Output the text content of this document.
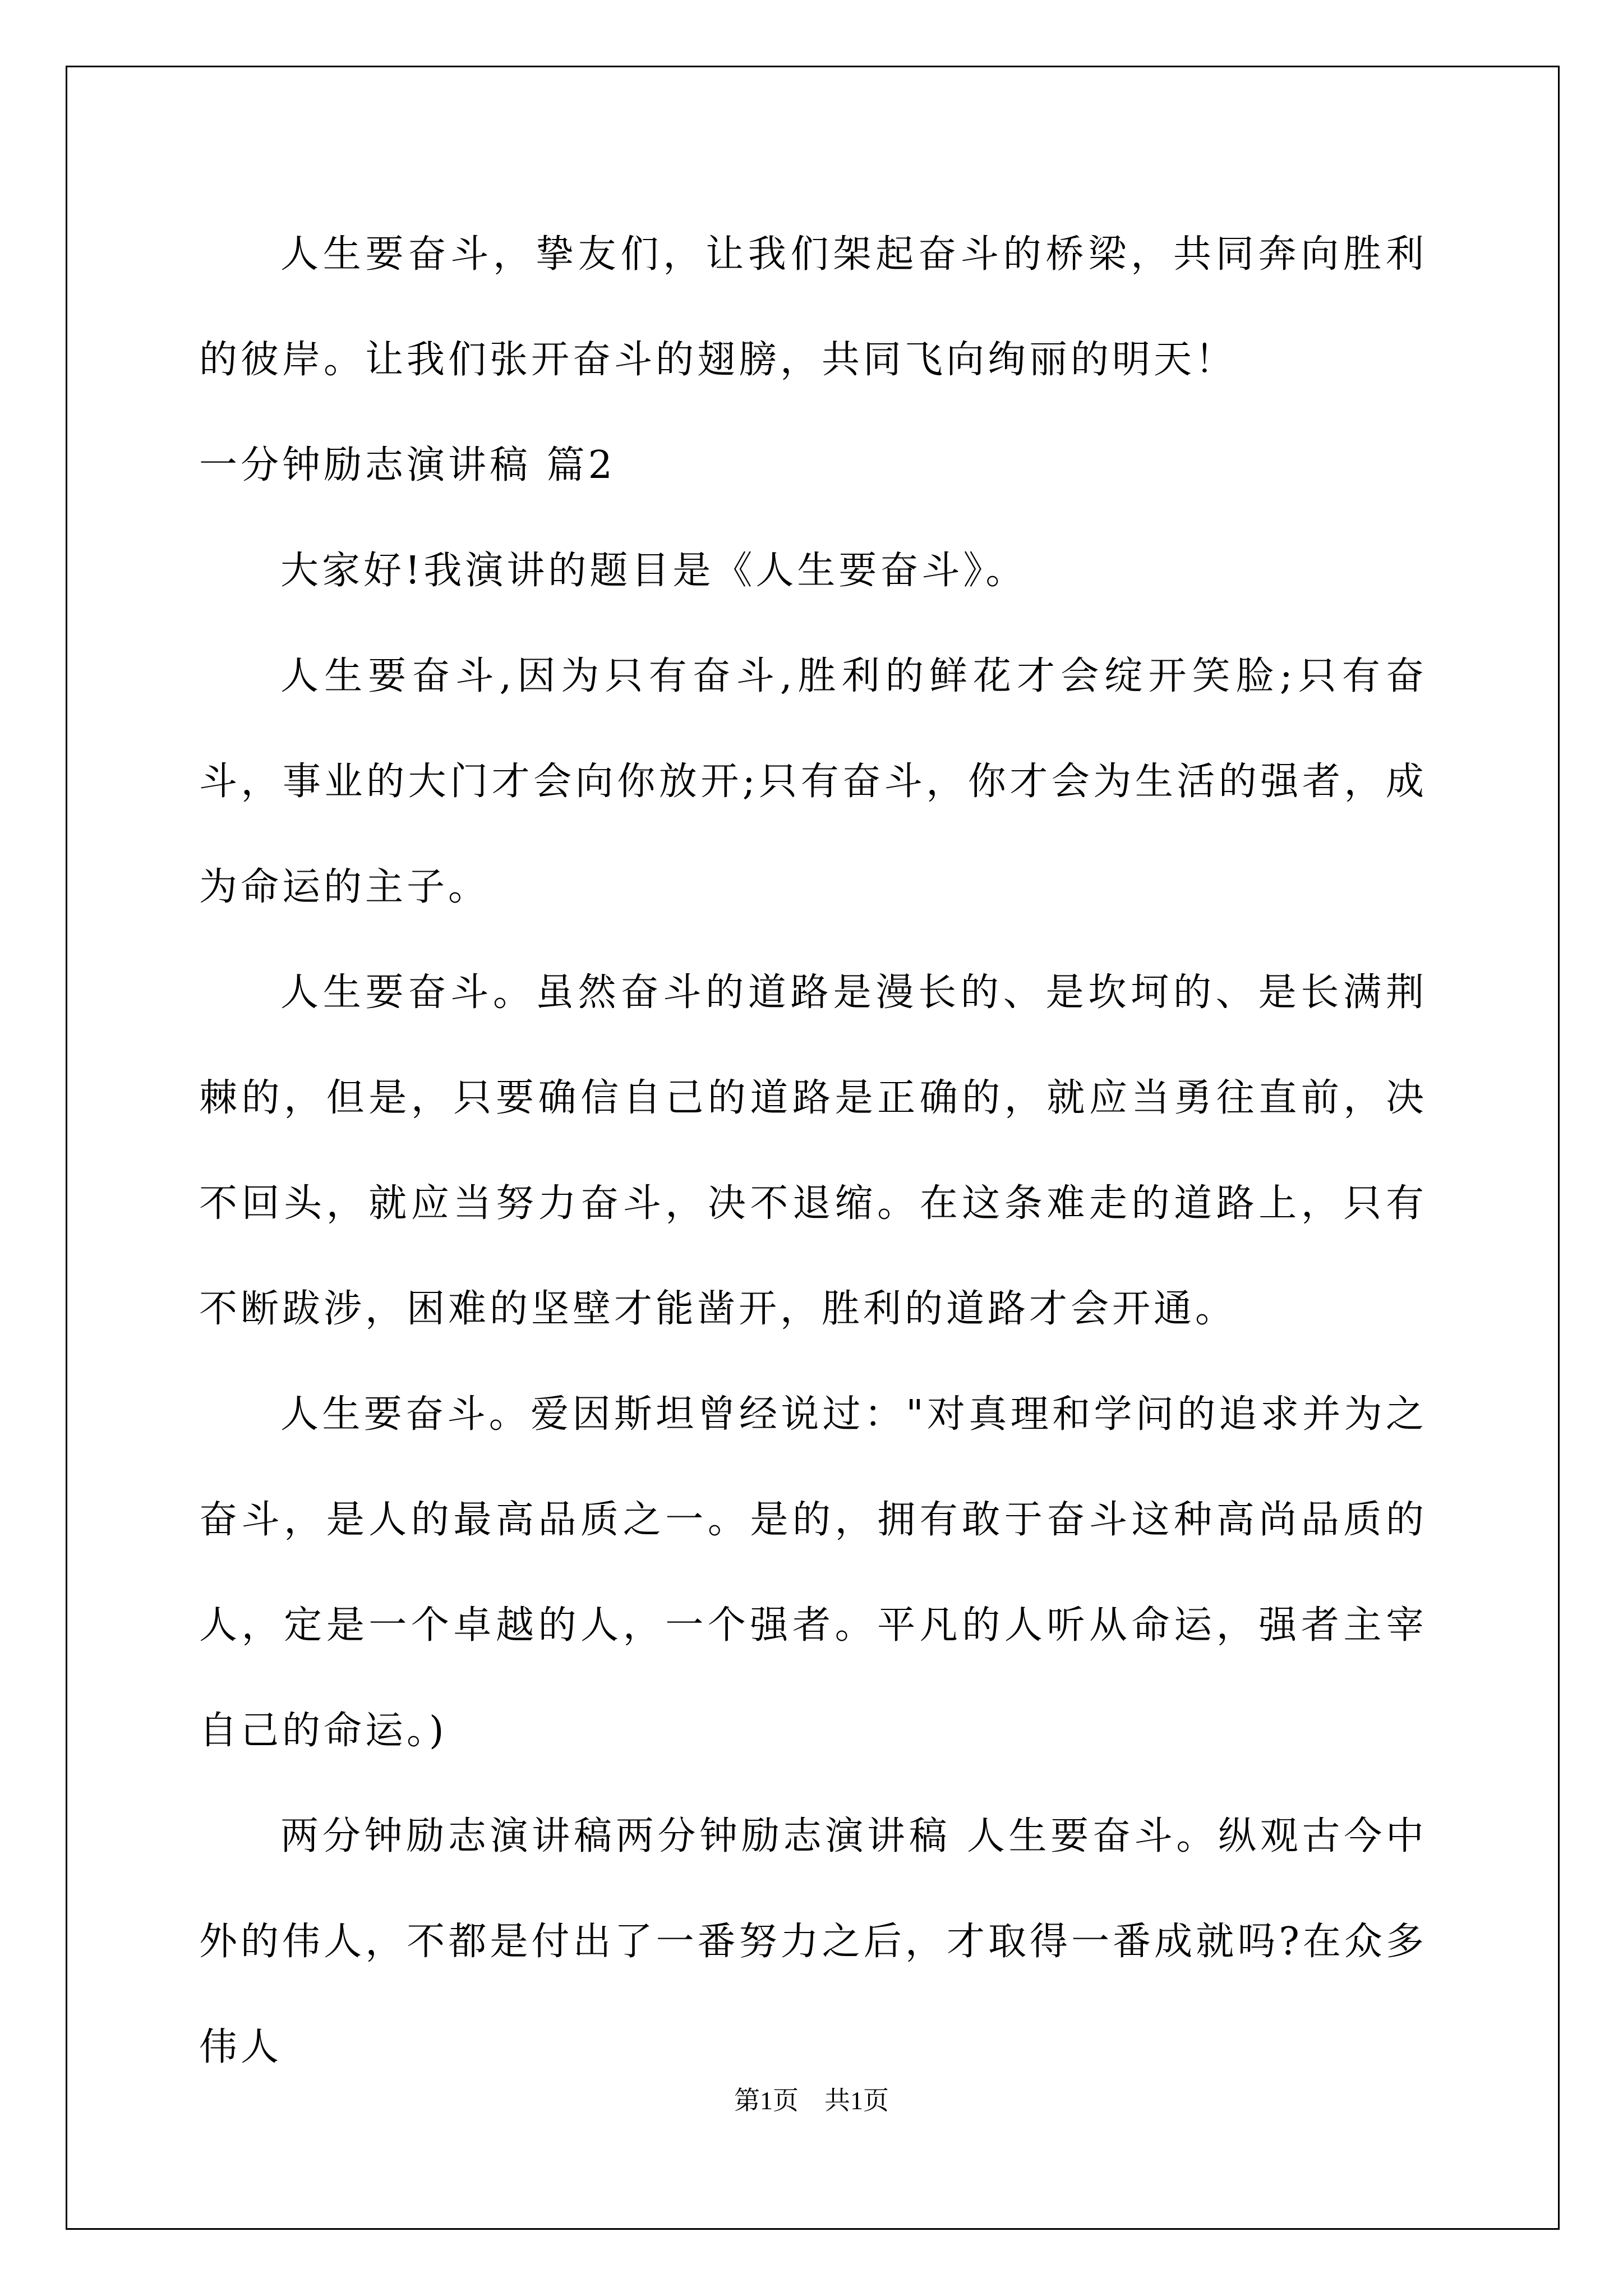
人生要奋斗，挚友们，让我们架起奋斗的桥梁，共同奔向胜利的彼岸。让我们张开奋斗的翅膀，共同飞向绚丽的明天！

一分钟励志演讲稿 篇2

大家好!我演讲的题目是《人生要奋斗》。

人生要奋斗,因为只有奋斗,胜利的鲜花才会绽开笑脸;只有奋斗，事业的大门才会向你放开;只有奋斗，你才会为生活的强者，成为命运的主子。

人生要奋斗。虽然奋斗的道路是漫长的、是坎坷的、是长满荆棘的，但是，只要确信自己的道路是正确的，就应当勇往直前，决不回头，就应当努力奋斗，决不退缩。在这条难走的道路上，只有不断跋涉，困难的坚壁才能凿开，胜利的道路才会开通。

人生要奋斗。爱因斯坦曾经说过："对真理和学问的追求并为之奋斗，是人的最高品质之一。是的，拥有敢于奋斗这种高尚品质的人，定是一个卓越的人，一个强者。平凡的人听从命运，强者主宰自己的命运。)

两分钟励志演讲稿两分钟励志演讲稿 人生要奋斗。纵观古今中外的伟人，不都是付出了一番努力之后，才取得一番成就吗?在众多伟人

第1页　共1页
